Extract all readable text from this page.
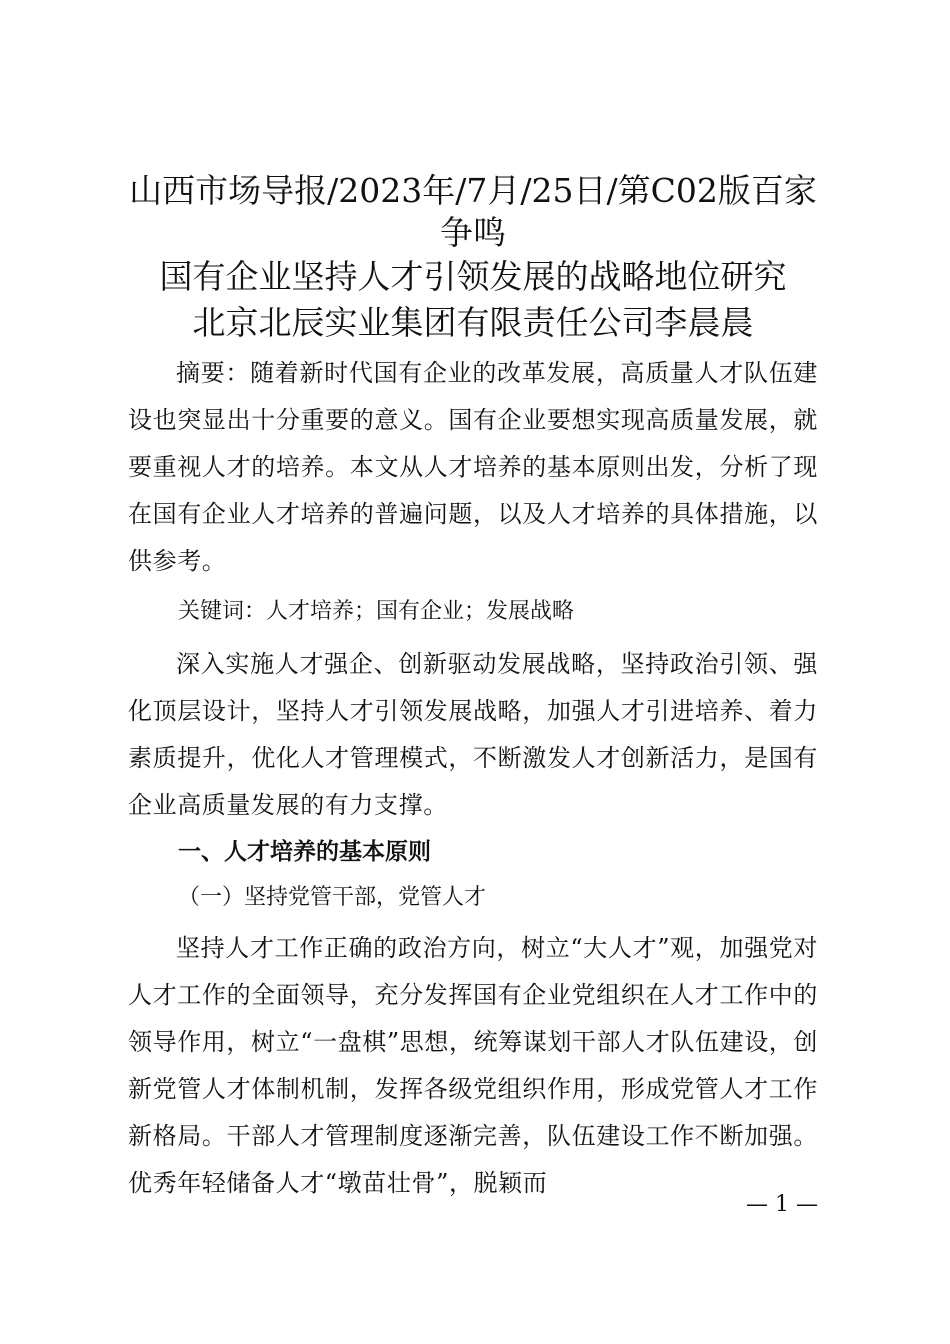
山西市场导报/2023年/7月/25日/第C02版百家争鸣
国有企业坚持人才引领发展的战略地位研究
北京北辰实业集团有限责任公司李晨晨

摘要：随着新时代国有企业的改革发展，高质量人才队伍建设也突显出十分重要的意义。国有企业要想实现高质量发展，就要重视人才的培养。本文从人才培养的基本原则出发，分析了现在国有企业人才培养的普遍问题，以及人才培养的具体措施，以供参考。

关键词：人才培养；国有企业；发展战略

深入实施人才强企、创新驱动发展战略，坚持政治引领、强化顶层设计，坚持人才引领发展战略，加强人才引进培养、着力素质提升，优化人才管理模式，不断激发人才创新活力，是国有企业高质量发展的有力支撑。

一、人才培养的基本原则
（一）坚持党管干部，党管人才

坚持人才工作正确的政治方向，树立“大人才”观，加强党对人才工作的全面领导，充分发挥国有企业党组织在人才工作中的领导作用，树立“一盘棋”思想，统筹谋划干部人才队伍建设，创新党管人才体制机制，发挥各级党组织作用，形成党管人才工作新格局。干部人才管理制度逐渐完善，队伍建设工作不断加强。优秀年轻储备人才“墩苗壮骨”，脱颖而

— 1 —
